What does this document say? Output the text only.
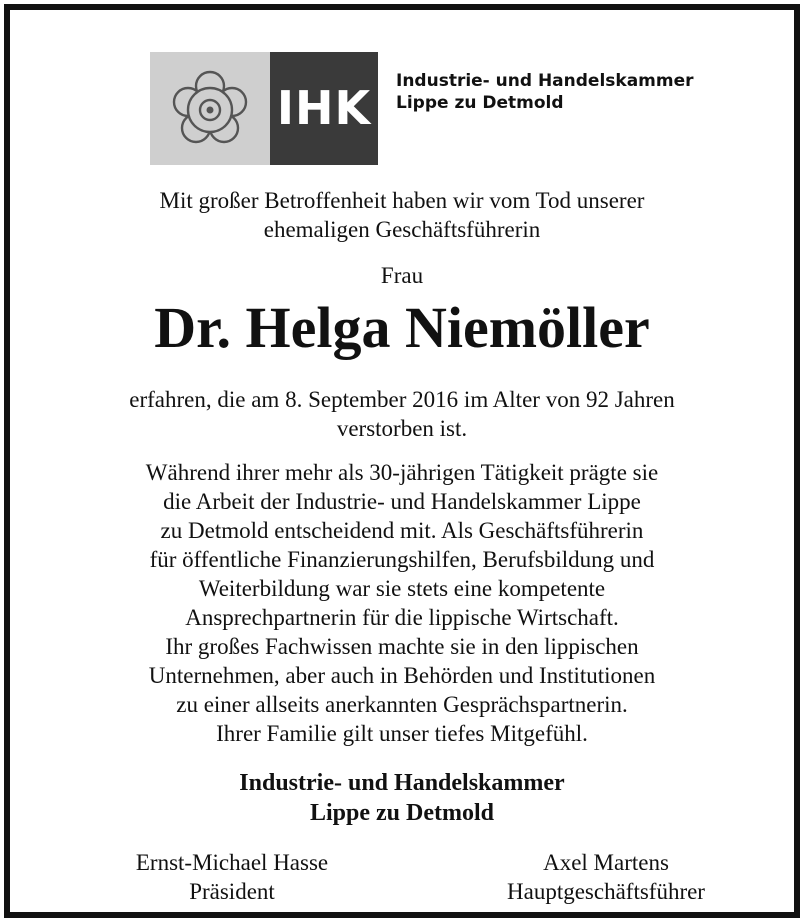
IHK	Industrie- und Handelskammer
Lippe zu Detmold
Mit großer Betroffenheit haben wir vom Tod unserer
ehemaligen Geschäftsführerin
Frau
Dr. Helga Niemöller
erfahren, die am 8. September 2016 im Alter von 92 Jahren
verstorben ist.
Während ihrer mehr als 30-jährigen Tätigkeit prägte sie
die Arbeit der Industrie- und Handelskammer Lippe
zu Detmold entscheidend mit. Als Geschäftsführerin
für öffentliche Finanzierungshilfen, Berufsbildung und
Weiterbildung war sie stets eine kompetente
Ansprechpartnerin für die lippische Wirtschaft.
Ihr großes Fachwissen machte sie in den lippischen
Unternehmen, aber auch in Behörden und Institutionen
zu einer allseits anerkannten Gesprächspartnerin.
Ihrer Familie gilt unser tiefes Mitgefühl.
Industrie- und Handelskammer
Lippe zu Detmold
Ernst-Michael Hasse
Präsident
Axel Martens
Hauptgeschäftsführer
